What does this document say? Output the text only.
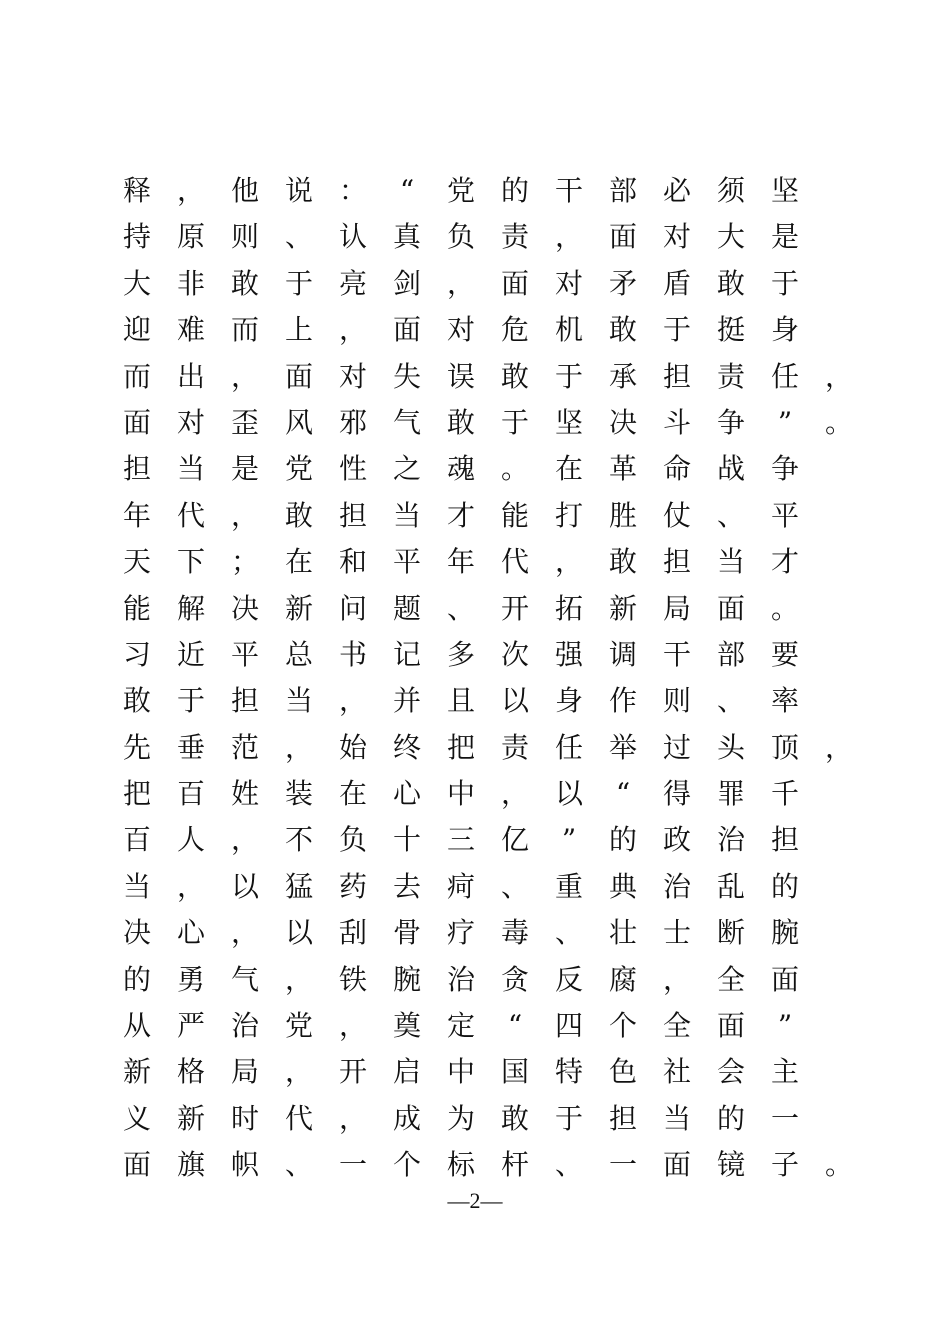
释 ， 他 说 ：	“	党 的 干 部 必 须 坚
持 原 则 、 认 真 负 责 ， 面 对 大 是
大 非 敢 于 亮 剑 ， 面 对 矛 盾 敢 于
迎 难 而 上 ， 面 对 危 机 敢 于 挺 身
而 出 ， 面 对 失 误 敢 于 承 担 责 任 ，
面 对 歪 风 邪 气 敢 于 坚 决 斗 争	”	。
担 当 是 党 性 之 魂 。 在 革 命 战 争
年 代 ， 敢 担 当 才 能 打 胜 仗 、 平
天 下 ； 在 和 平 年 代 ， 敢 担 当 才
能 解 决 新 问 题 、 开 拓 新 局 面 。
习 近 平 总 书 记 多 次 强 调 干 部 要
敢 于 担 当 ， 并 且 以 身 作 则 、 率
先 垂 范 ， 始 终 把 责 任 举 过 头 顶 ，
把 百 姓 装 在 心 中 ， 以	“	得 罪 千
百 人 ， 不 负 十 三 亿	”	的 政 治 担
当 ， 以 猛 药 去 疴 、 重 典 治 乱 的
决 心 ， 以 刮 骨 疗 毒 、 壮 士 断 腕
的 勇 气 ， 铁 腕 治 贪 反 腐 ， 全 面
从 严 治 党 ， 奠 定	“	四 个 全 面	”
新 格 局 ， 开 启 中 国 特 色 社 会 主
义 新 时 代 ， 成 为 敢 于 担 当 的 一
面 旗 帜 、 一 个 标 杆 、 一 面 镜 子 。
—2—
